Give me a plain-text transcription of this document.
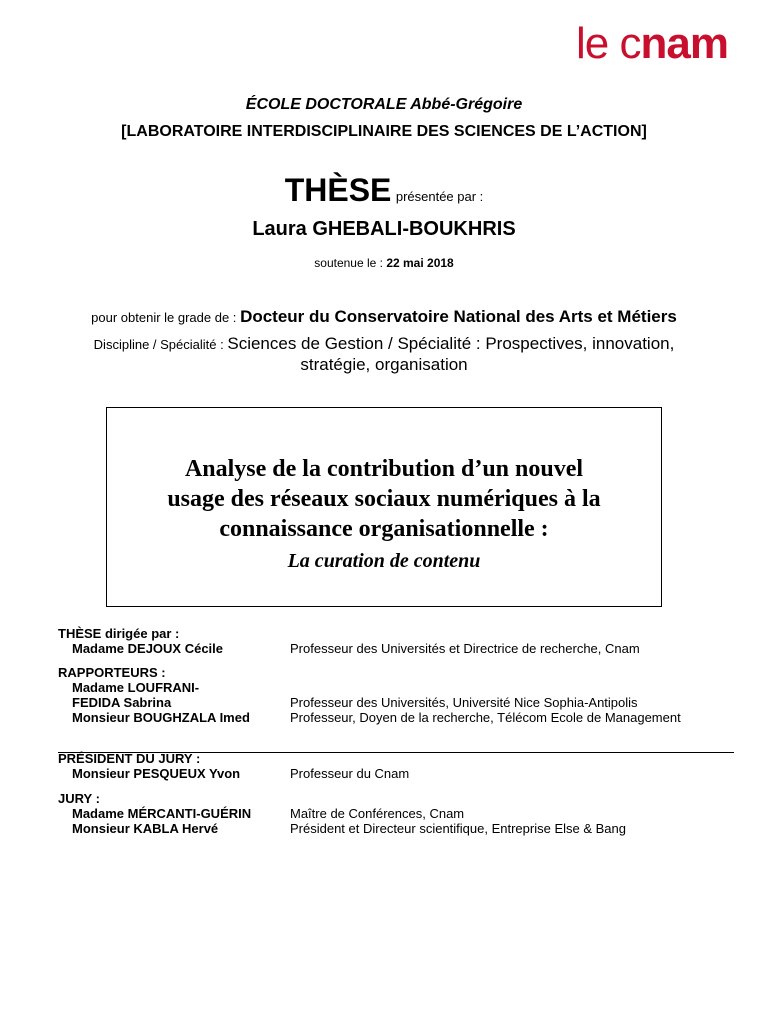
le cnam
ÉCOLE DOCTORALE Abbé-Grégoire
[LABORATOIRE INTERDISCIPLINAIRE DES SCIENCES DE L’ACTION]
THÈSE présentée par :
Laura GHEBALI-BOUKHRIS
soutenue le : 22 mai 2018
pour obtenir le grade de : Docteur du Conservatoire National des Arts et Métiers
Discipline / Spécialité : Sciences de Gestion / Spécialité : Prospectives, innovation,
stratégie, organisation
Analyse de la contribution d’un nouvel
usage des réseaux sociaux numériques à la
connaissance organisationnelle :
La curation de contenu
THÈSE dirigée par :
Madame DEJOUX Cécile	Professeur des Universités et Directrice de recherche, Cnam
RAPPORTEURS :
Madame LOUFRANI-
FEDIDA Sabrina
	Professeur des Universités, Université Nice Sophia-Antipolis
Monsieur BOUGHZALA Imed	Professeur, Doyen de la recherche, Télécom Ecole de Management
PRÉSIDENT DU JURY :
Monsieur PESQUEUX Yvon	Professeur du Cnam
JURY :
Madame MÉRCANTI-GUÉRIN	Maître de Conférences, Cnam
Monsieur KABLA Hervé	Président et Directeur scientifique, Entreprise Else & Bang
